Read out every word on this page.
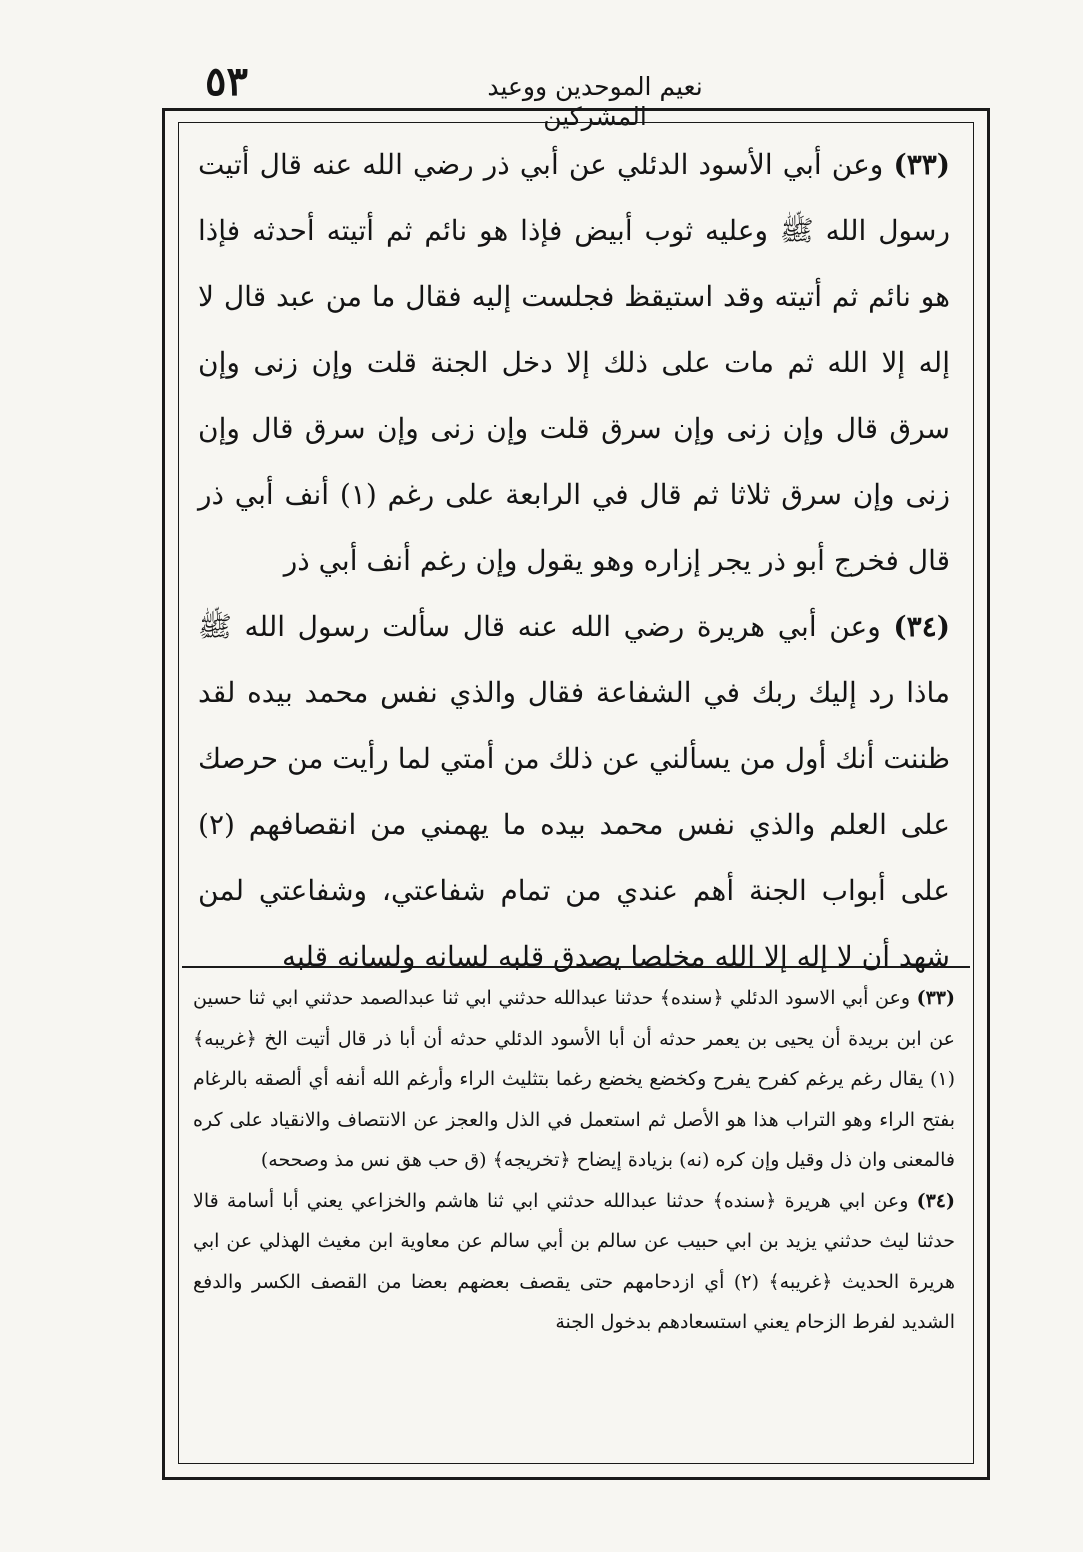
٥٣	نعيم الموحدين ووعيد المشركين

(٣٣) وعن أبي الأسود الدئلي عن أبي ذر رضي الله عنه قال أتيت رسول الله ﷺ وعليه ثوب أبيض فإذا هو نائم ثم أتيته أحدثه فإذا هو نائم ثم أتيته وقد استيقظ فجلست إليه فقال ما من عبد قال لا إله إلا الله ثم مات على ذلك إلا دخل الجنة قلت وإن زنى وإن سرق قال وإن زنى وإن سرق قلت وإن زنى وإن سرق قال وإن زنى وإن سرق ثلاثا ثم قال في الرابعة على رغم (١) أنف أبي ذر قال فخرج أبو ذر يجر إزاره وهو يقول وإن رغم أنف أبي ذر

(٣٤) وعن أبي هريرة رضي الله عنه قال سألت رسول الله ﷺ ماذا رد إليك ربك في الشفاعة فقال والذي نفس محمد بيده لقد ظننت أنك أول من يسألني عن ذلك من أمتي لما رأيت من حرصك على العلم والذي نفس محمد بيده ما يهمني من انقصافهم (٢) على أبواب الجنة أهم عندي من تمام شفاعتي، وشفاعتي لمن شهد أن لا إله إلا الله مخلصا يصدق قلبه لسانه ولسانه قلبه

(٣٣) وعن أبي الاسود الدئلي ﴿سنده﴾ حدثنا عبدالله حدثني ابي ثنا عبدالصمد حدثني ابي ثنا حسين عن ابن بريدة أن يحيى بن يعمر حدثه أن أبا الأسود الدئلي حدثه أن أبا ذر قال أتيت الخ ﴿غريبه﴾ (١) يقال رغم يرغم كفرح يفرح وكخضع يخضع رغما بتثليث الراء وأرغم الله أنفه أي ألصقه بالرغام بفتح الراء وهو التراب هذا هو الأصل ثم استعمل في الذل والعجز عن الانتصاف والانقياد على كره فالمعنى وان ذل وقيل وإن كره (نه) بزيادة إيضاح ﴿تخريجه﴾ (ق حب هق نس مذ وصححه)

(٣٤) وعن ابي هريرة ﴿سنده﴾ حدثنا عبدالله حدثني ابي ثنا هاشم والخزاعي يعني أبا أسامة قالا حدثنا ليث حدثني يزيد بن ابي حبيب عن سالم بن أبي سالم عن معاوية ابن مغيث الهذلي عن ابي هريرة الحديث ﴿غريبه﴾ (٢) أي ازدحامهم حتى يقصف بعضهم بعضا من القصف الكسر والدفع الشديد لفرط الزحام يعني استسعادهم بدخول الجنة
